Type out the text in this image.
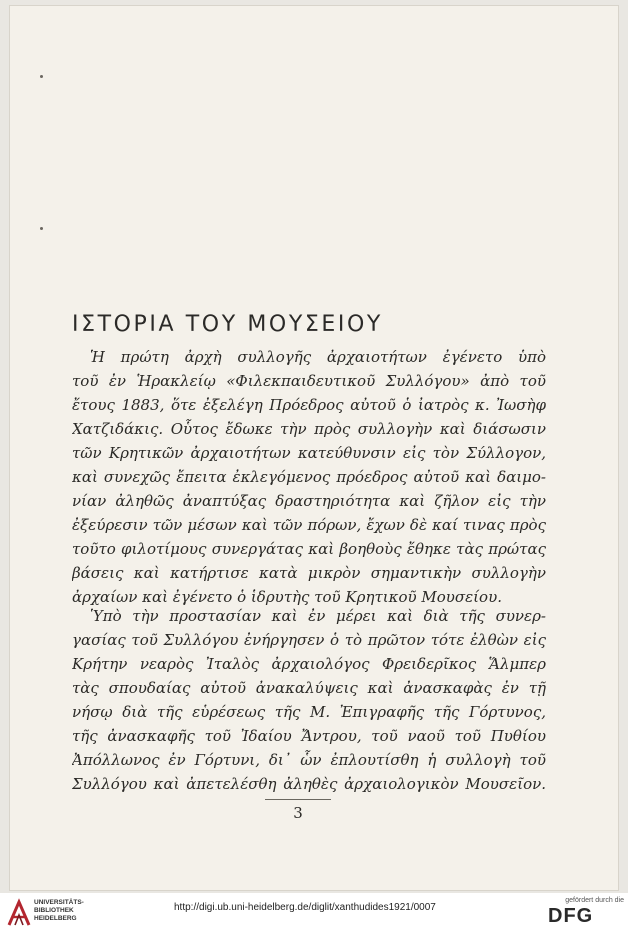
ΙΣΤΟΡΙΑ ΤΟΥ ΜΟΥΣΕΙΟΥ
Ἡ πρώτη ἀρχὴ συλλογῆς ἀρχαιοτήτων ἐγένετο ὑπὸ
τοῦ ἐν Ἡρακλείῳ «Φιλεκπαιδευτικοῦ Συλλόγου» ἀπὸ τοῦ
ἔτους 1883, ὅτε ἐξελέγη Πρόεδρος αὐτοῦ ὁ ἰατρὸς κ. Ἰωσὴφ
Χατζιδάκις. Οὗτος ἔδωκε τὴν πρὸς συλλογὴν καὶ διάσωσιν
τῶν Κρητικῶν ἀρχαιοτήτων κατεύθυνσιν εἰς τὸν Σύλλογον,
καὶ συνεχῶς ἔπειτα ἐκλεγόμενος πρόεδρος αὐτοῦ καὶ δαιμο-
νίαν ἀληθῶς ἀναπτύξας δραστηριότητα καὶ ζῆλον εἰς τὴν
ἐξεύρεσιν τῶν μέσων καὶ τῶν πόρων, ἔχων δὲ καί τινας πρὸς
τοῦτο φιλοτίμους συνεργάτας καὶ βοηθοὺς ἔθηκε τὰς πρώτας
βάσεις καὶ κατήρτισε κατὰ μικρὸν σημαντικὴν συλλογὴν
ἀρχαίων καὶ ἐγένετο ὁ ἱδρυτὴς τοῦ Κρητικοῦ Μουσείου.
Ὑπὸ τὴν προστασίαν καὶ ἐν μέρει καὶ διὰ τῆς συνερ-
γασίας τοῦ Συλλόγου ἐνήργησεν ὁ τὸ πρῶτον τότε ἐλθὼν εἰς
Κρήτην νεαρὸς Ἰταλὸς ἀρχαιολόγος Φρειδερῖκος Ἅλμπερ
τὰς σπουδαίας αὐτοῦ ἀνακαλύψεις καὶ ἀνασκαφὰς ἐν τῇ
νήσῳ διὰ τῆς εὑρέσεως τῆς Μ. Ἐπιγραφῆς τῆς Γόρτυνος,
τῆς ἀνασκαφῆς τοῦ Ἰδαίου Ἄντρου, τοῦ ναοῦ τοῦ Πυθίου
Ἀπόλλωνος ἐν Γόρτυνι, δι᾽ ὧν ἐπλουτίσθη ἡ συλλογὴ τοῦ
Συλλόγου καὶ ἀπετελέσθη ἀληθὲς ἀρχαιολογικὸν Μουσεῖον.
3
UNIVERSITÄTS-
BIBLIOTHEK
HEIDELBERG
http://digi.ub.uni-heidelberg.de/diglit/xanthudides1921/0007
gefördert durch die
DFG
